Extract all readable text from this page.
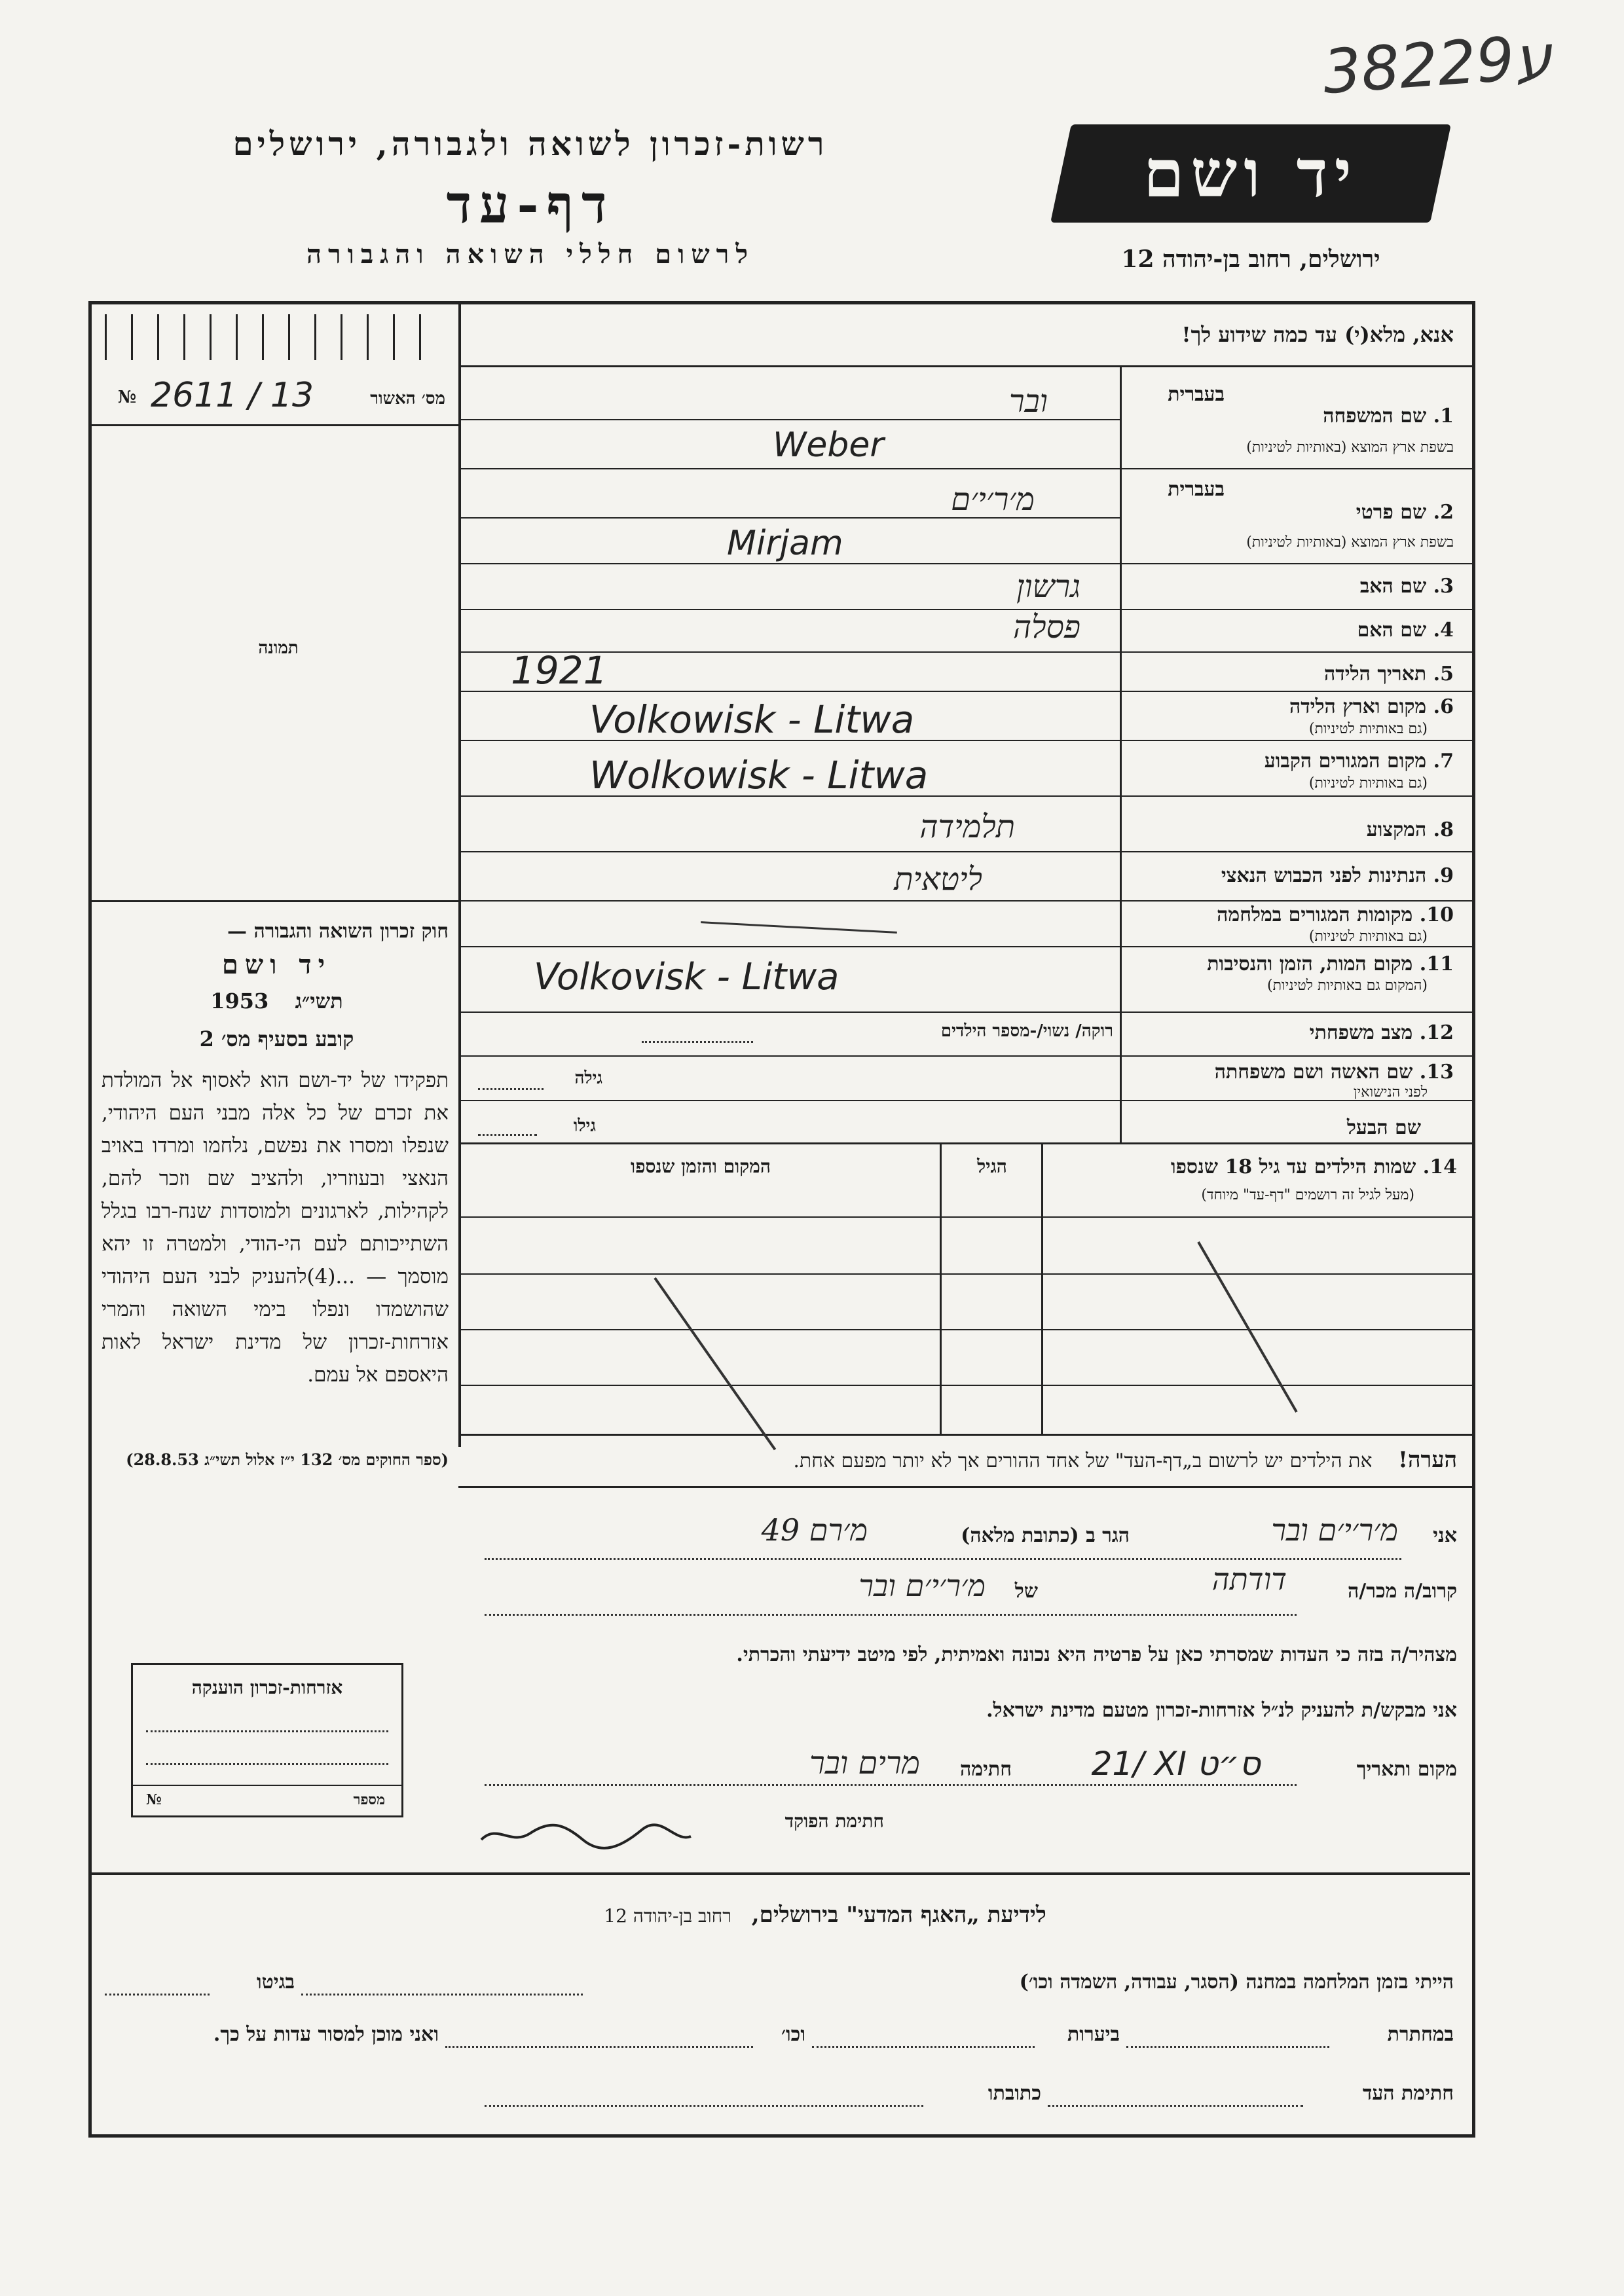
3ע8229
רשות-זכרון לשואה ולגבורה, ירושלים
דף-עד
לרשום חללי השואה והגבורה
יד ושם
ירושלים, רחוב בן-יהודה 12
אנא, מלא(י) עד כמה שידוע לך!
№ 2611 / 13	מס׳ האשור
תמונה
חוק זכרון השואה והגבורה —
יד ושם
תשי״ג 1953
קובע בסעיף מס׳ 2
תפקידו של יד-ושם הוא לאסוף אל המולדת את זכרם של כל אלה מבני העם היהודי, שנפלו ומסרו את נפשם, נלחמו ומרדו באויב הנאצי ובעוזריו, ולהציב שם וזכר להם, לקהילות, לארגונים ולמוסדות שנח-רבו בגלל השתייכותם לעם הי-הודי, ולמטרה זו יהא מוסמך — ...(4)להעניק לבני העם היהודי שהושמדו ונפלו בימי השואה והמרי אזרחות-זכרון של מדינת ישראל לאות היאספם אל עמם.
(ספר החוקים מס׳ 132 י״ז אלול תשי״ג 28.8.53)
בעברית
1. שם המשפחה
בשפת ארץ המוצא (באותיות לטיניות)
ובר
Weber
בעברית
2. שם פרטי
בשפת ארץ המוצא (באותיות לטיניות)
מ׳ר׳י׳ם
Mirjam
3. שם האב
גרשון
4. שם האם
פסלה
5. תאריך הלידה
1921
6. מקום וארץ הלידה
(גם באותיות לטיניות)
Volkowisk - Litwa
7. מקום המגורים הקבוע
(גם באותיות לטיניות)
Wolkowisk - Litwa
8. המקצוע
תלמידה
9. הנתינות לפני הכבוש הנאצי
ליטאית
10. מקומות המגורים במלחמה
(גם באותיות לטיניות)
11. מקום המות, הזמן והנסיבות
(המקום גם באותיות לטיניות)
Volkovisk - Litwa
12. מצב משפחתי
רוקה/ נשוי/-מספר הילדים
13. שם האשה ושם משפחתה
לפני הנישואין
גילה
שם הבעל
גילו
14. שמות הילדים עד גיל 18 שנספו
(מעל לגיל זה רושמים "דף-עד" מיוחד)
הגיל
המקום והזמן שנספו
הערה! את הילדים יש לרשום ב„דף-העד" של אחד ההורים אך לא יותר מפעם אחת.
אני
מ׳ר׳י׳ם ובר
הגר ב (כתובת מלאה)
מ׳רם 49
קרוב/ה מכר/ה
דודתה
של
מ׳ר׳י׳ם ובר
מצהיר/ה בזה כי העדות שמסרתי כאן על פרטיה היא נכונה ואמיתית, לפי מיטב ידיעתי והכרתי.
אני מבקש/ת להעניק לנ״ל אזרחות-זכרון מטעם מדינת ישראל.
מקום ותאריך
21/ XI ס״ט
חתימה
מרים ובר
חתימת הפוקד
אזרחות-זכרון הוענקה
№	מספר
לידיעת „האגף המדעי" בירושלים, רחוב בן-יהודה 12
הייתי בזמן המלחמה במחנה (הסגר, עבודה, השמדה וכו׳)
בגיטו
במחתרת
ביערות
וכו׳
ואני מוכן למסור עדות על כך.
חתימת העד
כתובתו
